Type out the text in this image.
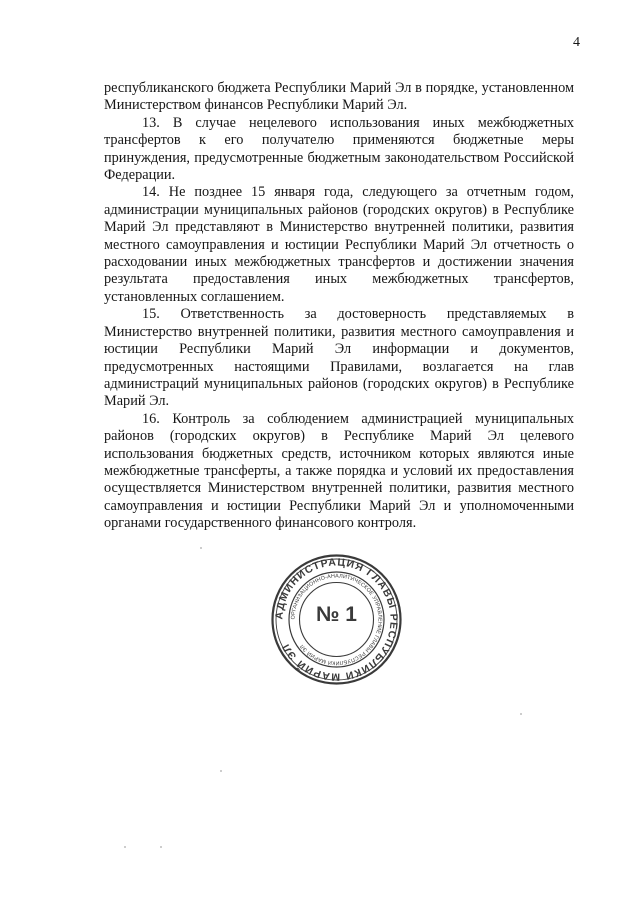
4

республиканского бюджета Республики Марий Эл в порядке, установленном Министерством финансов Республики Марий Эл.

13. В случае нецелевого использования иных межбюджетных трансфертов к его получателю применяются бюджетные меры принуждения, предусмотренные бюджетным законодательством Российской Федерации.

14. Не позднее 15 января года, следующего за отчетным годом, администрации муниципальных районов (городских округов) в Республике Марий Эл представляют в Министерство внутренней политики, развития местного самоуправления и юстиции Республики Марий Эл отчетность о расходовании иных межбюджетных трансфертов и достижении значения результата предоставления иных межбюджетных трансфертов, установленных соглашением.

15. Ответственность за достоверность представляемых в Министерство внутренней политики, развития местного самоуправления и юстиции Республики Марий Эл информации и документов, предусмотренных настоящими Правилами, возлагается на глав администраций муниципальных районов (городских округов) в Республике Марий Эл.

16. Контроль за соблюдением администрацией муниципальных районов (городских округов) в Республике Марий Эл целевого использования бюджетных средств, источником которых являются иные межбюджетные трансферты, а также порядка и условий их предоставления осуществляется Министерством внутренней политики, развития местного самоуправления и юстиции Республики Марий Эл и уполномоченными органами государственного финансового контроля.

АДМИНИСТРАЦИЯ ГЛАВЫ РЕСПУБЛИКИ МАРИЙ ЭЛ
ОРГАНИЗАЦИОННО-АНАЛИТИЧЕСКОЕ УПРАВЛЕНИЕ ГЛАВЫ РЕСПУБЛИКИ МАРИЙ ЭЛ
№ 1
